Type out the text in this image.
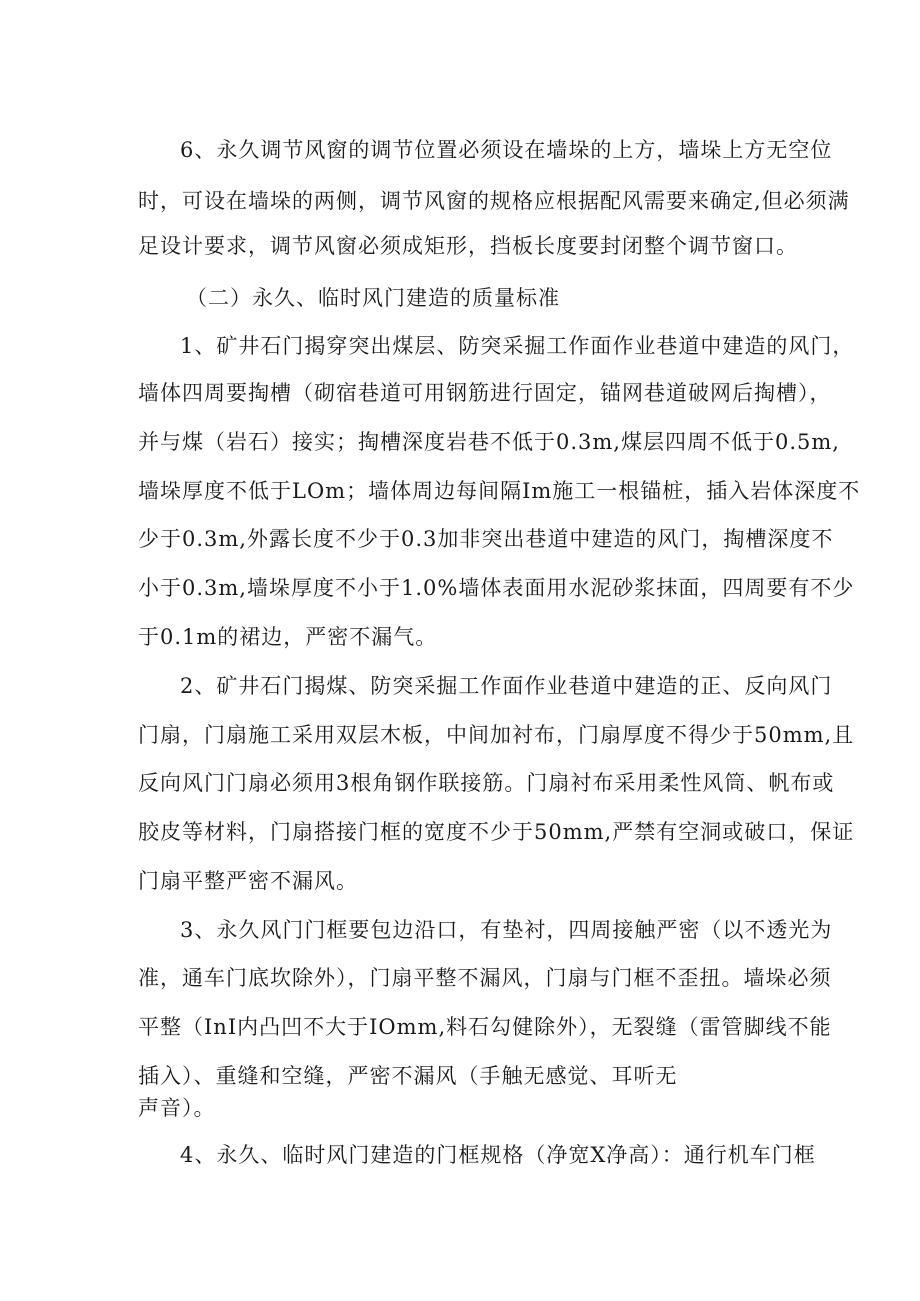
6、永久调节风窗的调节位置必须设在墙垛的上方，墙垛上方无空位
时，可设在墙垛的两侧，调节风窗的规格应根据配风需要来确定,但必须满
足设计要求，调节风窗必须成矩形，挡板长度要封闭整个调节窗口。
（二）永久、临时风门建造的质量标准
1、矿井石门揭穿突出煤层、防突采掘工作面作业巷道中建造的风门，
墙体四周要掏槽（砌宿巷道可用钢筋进行固定，锚网巷道破网后掏槽），
并与煤（岩石）接实；掏槽深度岩巷不低于0.3m,煤层四周不低于0.5m,
墙垛厚度不低于LOm；墙体周边每间隔Im施工一根锚桩，插入岩体深度不
少于0.3m,外露长度不少于0.3加非突出巷道中建造的风门，掏槽深度不
小于0.3m,墙垛厚度不小于1.0%墙体表面用水泥砂浆抹面，四周要有不少
于0.1m的裙边，严密不漏气。
2、矿井石门揭煤、防突采掘工作面作业巷道中建造的正、反向风门
门扇，门扇施工采用双层木板，中间加衬布，门扇厚度不得少于50mm,且
反向风门门扇必须用3根角钢作联接筋。门扇衬布采用柔性风筒、帆布或
胶皮等材料，门扇搭接门框的宽度不少于50mm,严禁有空洞或破口，保证
门扇平整严密不漏风。
3、永久风门门框要包边沿口，有垫衬，四周接触严密（以不透光为
准，通车门底坎除外），门扇平整不漏风，门扇与门框不歪扭。墙垛必须
平整（InI内凸凹不大于IOmm,料石勾健除外），无裂缝（雷管脚线不能
插入）、重缝和空缝，严密不漏风（手触无感觉、耳听无
声音）。
4、永久、临时风门建造的门框规格（净宽X净高）：通行机车门框
